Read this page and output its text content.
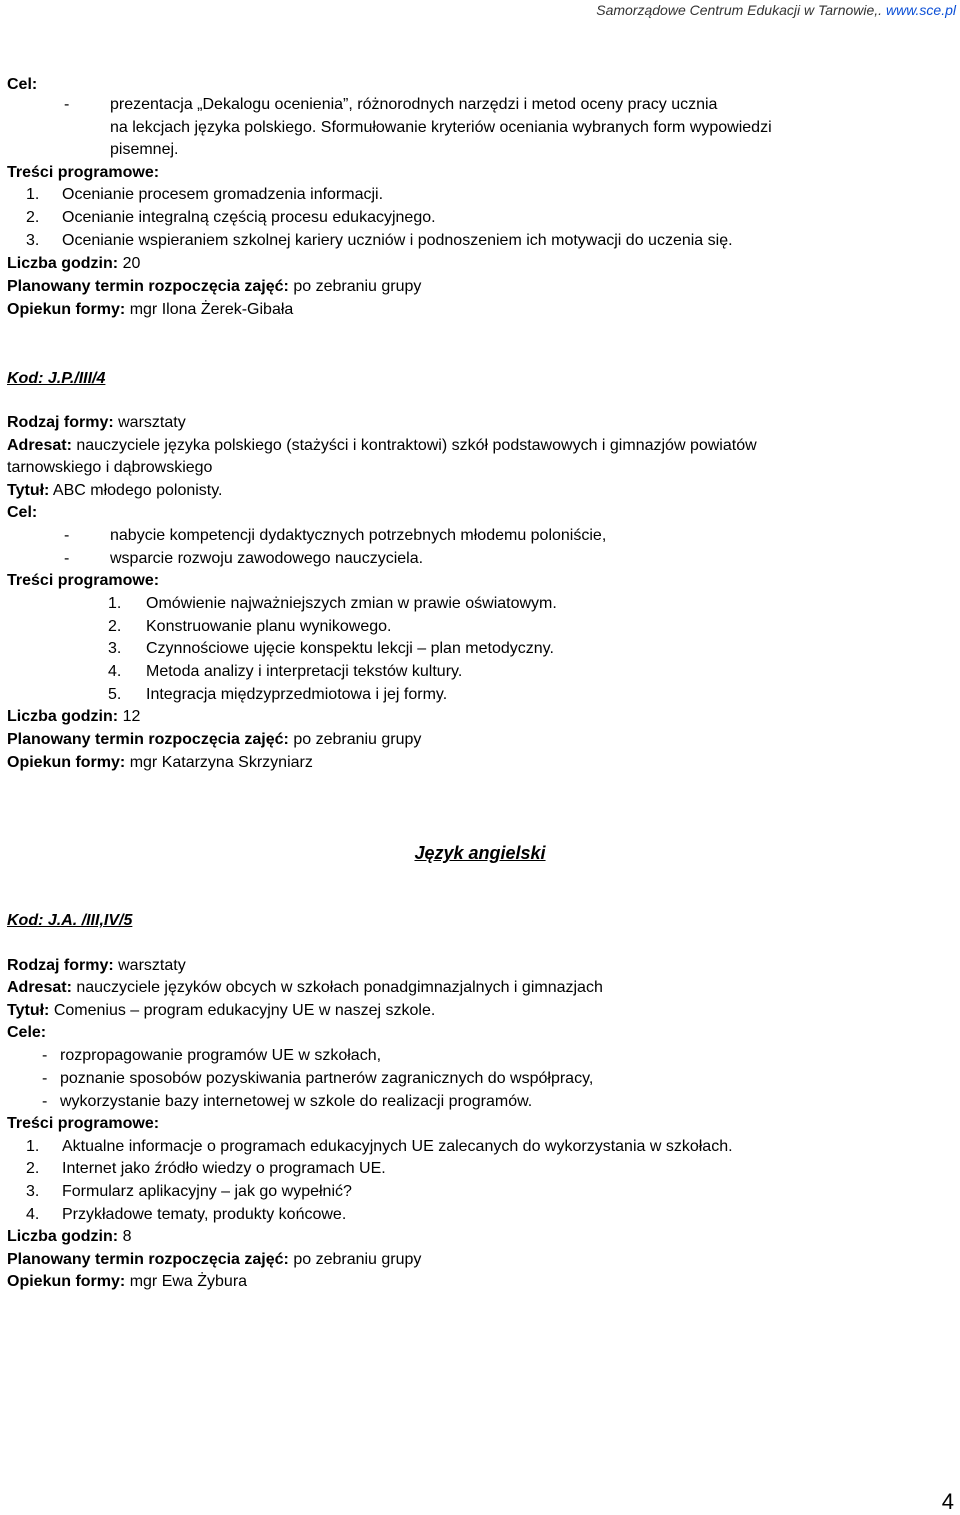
Samorządowe Centrum Edukacji w Tarnowie,. www.sce.pl
Cel:
-	prezentacja „Dekalogu ocenienia”, różnorodnych narzędzi i metod oceny pracy ucznia
na lekcjach języka polskiego. Sformułowanie kryteriów oceniania wybranych form wypowiedzi
pisemnej.
Treści programowe:
1. Ocenianie procesem gromadzenia informacji.
2. Ocenianie integralną częścią procesu edukacyjnego.
3. Ocenianie wspieraniem szkolnej kariery uczniów i podnoszeniem ich motywacji do uczenia się.
Liczba godzin: 20
Planowany termin rozpoczęcia zajęć: po zebraniu grupy
Opiekun formy: mgr Ilona Żerek-Gibała
Kod: J.P./III/4
Rodzaj formy: warsztaty
Adresat: nauczyciele języka polskiego (stażyści i kontraktowi) szkół podstawowych i gimnazjów powiatów
tarnowskiego i dąbrowskiego
Tytuł: ABC młodego polonisty.
Cel:
-	nabycie kompetencji dydaktycznych potrzebnych młodemu poloniście,
-	wsparcie rozwoju zawodowego nauczyciela.
Treści programowe:
1. Omówienie najważniejszych zmian w prawie oświatowym.
2. Konstruowanie planu wynikowego.
3. Czynnościowe ujęcie konspektu lekcji – plan metodyczny.
4. Metoda analizy i interpretacji tekstów kultury.
5. Integracja międzyprzedmiotowa i jej formy.
Liczba godzin: 12
Planowany termin rozpoczęcia zajęć: po zebraniu grupy
Opiekun formy: mgr Katarzyna Skrzyniarz
Język angielski
Kod: J.A. /III,IV/5
Rodzaj formy: warsztaty
Adresat: nauczyciele języków obcych w szkołach ponadgimnazjalnych i gimnazjach
Tytuł: Comenius – program edukacyjny UE w naszej szkole.
Cele:
- rozpropagowanie programów UE w szkołach,
- poznanie sposobów pozyskiwania partnerów zagranicznych do współpracy,
- wykorzystanie bazy internetowej w szkole do realizacji programów.
Treści programowe:
1. Aktualne informacje o programach edukacyjnych UE zalecanych do wykorzystania w szkołach.
2. Internet jako źródło wiedzy o programach UE.
3. Formularz aplikacyjny – jak go wypełnić?
4. Przykładowe tematy, produkty końcowe.
Liczba godzin: 8
Planowany termin rozpoczęcia zajęć: po zebraniu grupy
Opiekun formy: mgr Ewa Żybura
4
